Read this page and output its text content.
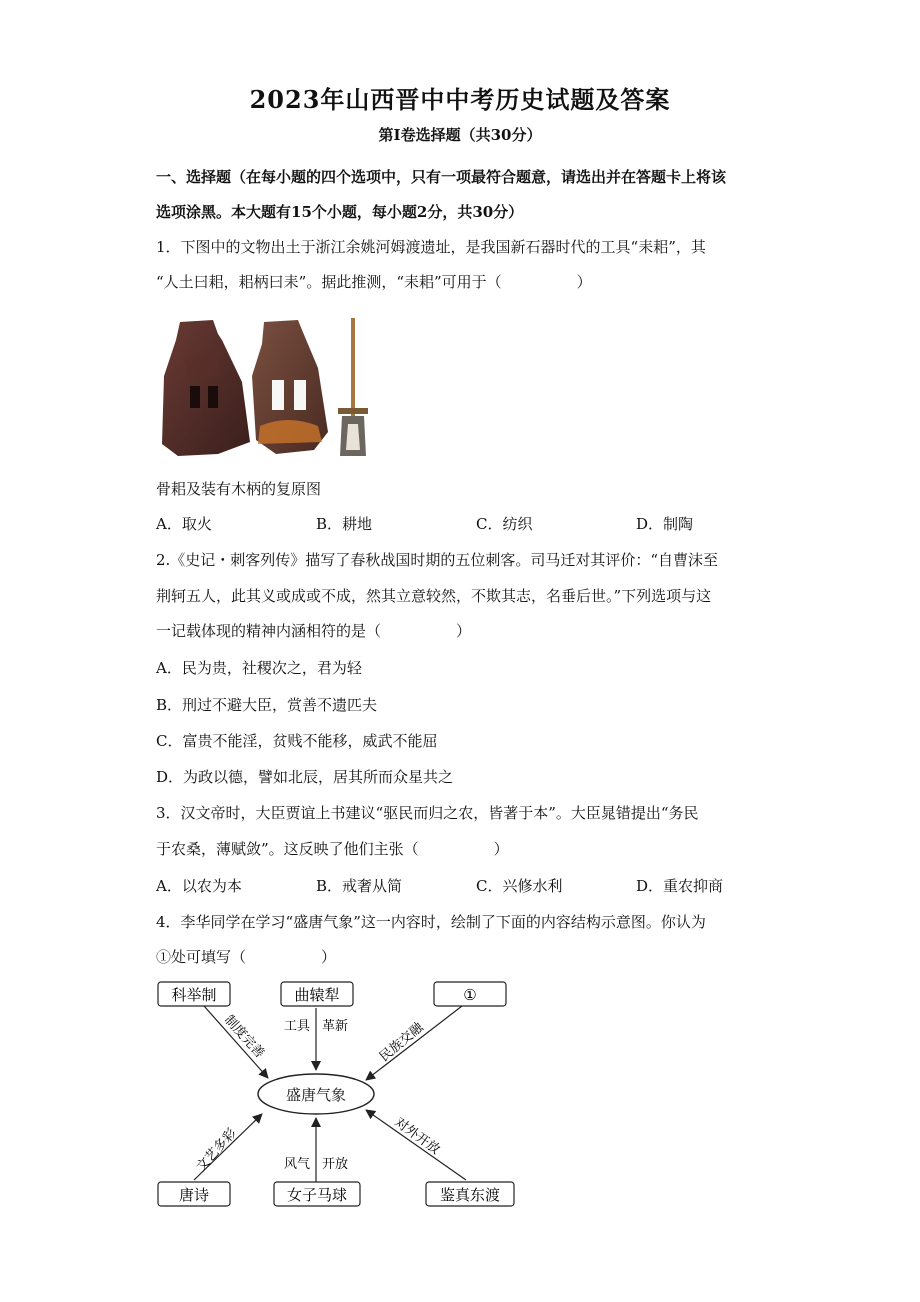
2023年山西晋中中考历史试题及答案
第Ⅰ卷选择题（共30分）
一、选择题（在每小题的四个选项中，只有一项最符合题意，请选出并在答题卡上将该
选项涂黑。本大题有15个小题，每小题2分，共30分）
1．下图中的文物出土于浙江余姚河姆渡遗址，是我国新石器时代的工具“耒耜”，其
“人土曰耜，耜柄曰耒”。据此推测，“耒耜”可用于（　　　　　）
骨耜及装有木柄的复原图
A．取火	B．耕地	C．纺织	D．制陶
2.《史记・刺客列传》描写了春秋战国时期的五位刺客。司马迁对其评价：“自曹沫至
荆轲五人，此其义或成或不成，然其立意较然，不欺其志，名垂后世。”下列选项与这
一记载体现的精神内涵相符的是（　　　　　）
A．民为贵，社稷次之，君为轻
B．刑过不避大臣，赏善不遗匹夫
C．富贵不能淫，贫贱不能移，威武不能屈
D．为政以德，譬如北辰，居其所而众星共之
3．汉文帝时，大臣贾谊上书建议“驱民而归之农，皆著于本”。大臣晁错提出“务民
于农桑，薄赋敛”。这反映了他们主张（　　　　　）
A．以农为本	B．戒奢从简	C．兴修水利	D．重农抑商
4．李华同学在学习“盛唐气象”这一内容时，绘制了下面的内容结构示意图。你认为
①处可填写（　　　　　）
盛唐气象
科举制	曲辕犁	①
唐诗	女子马球	鉴真东渡
制度完善 工具 革新 民族交融
文艺多彩	风气 开放
对外开放
